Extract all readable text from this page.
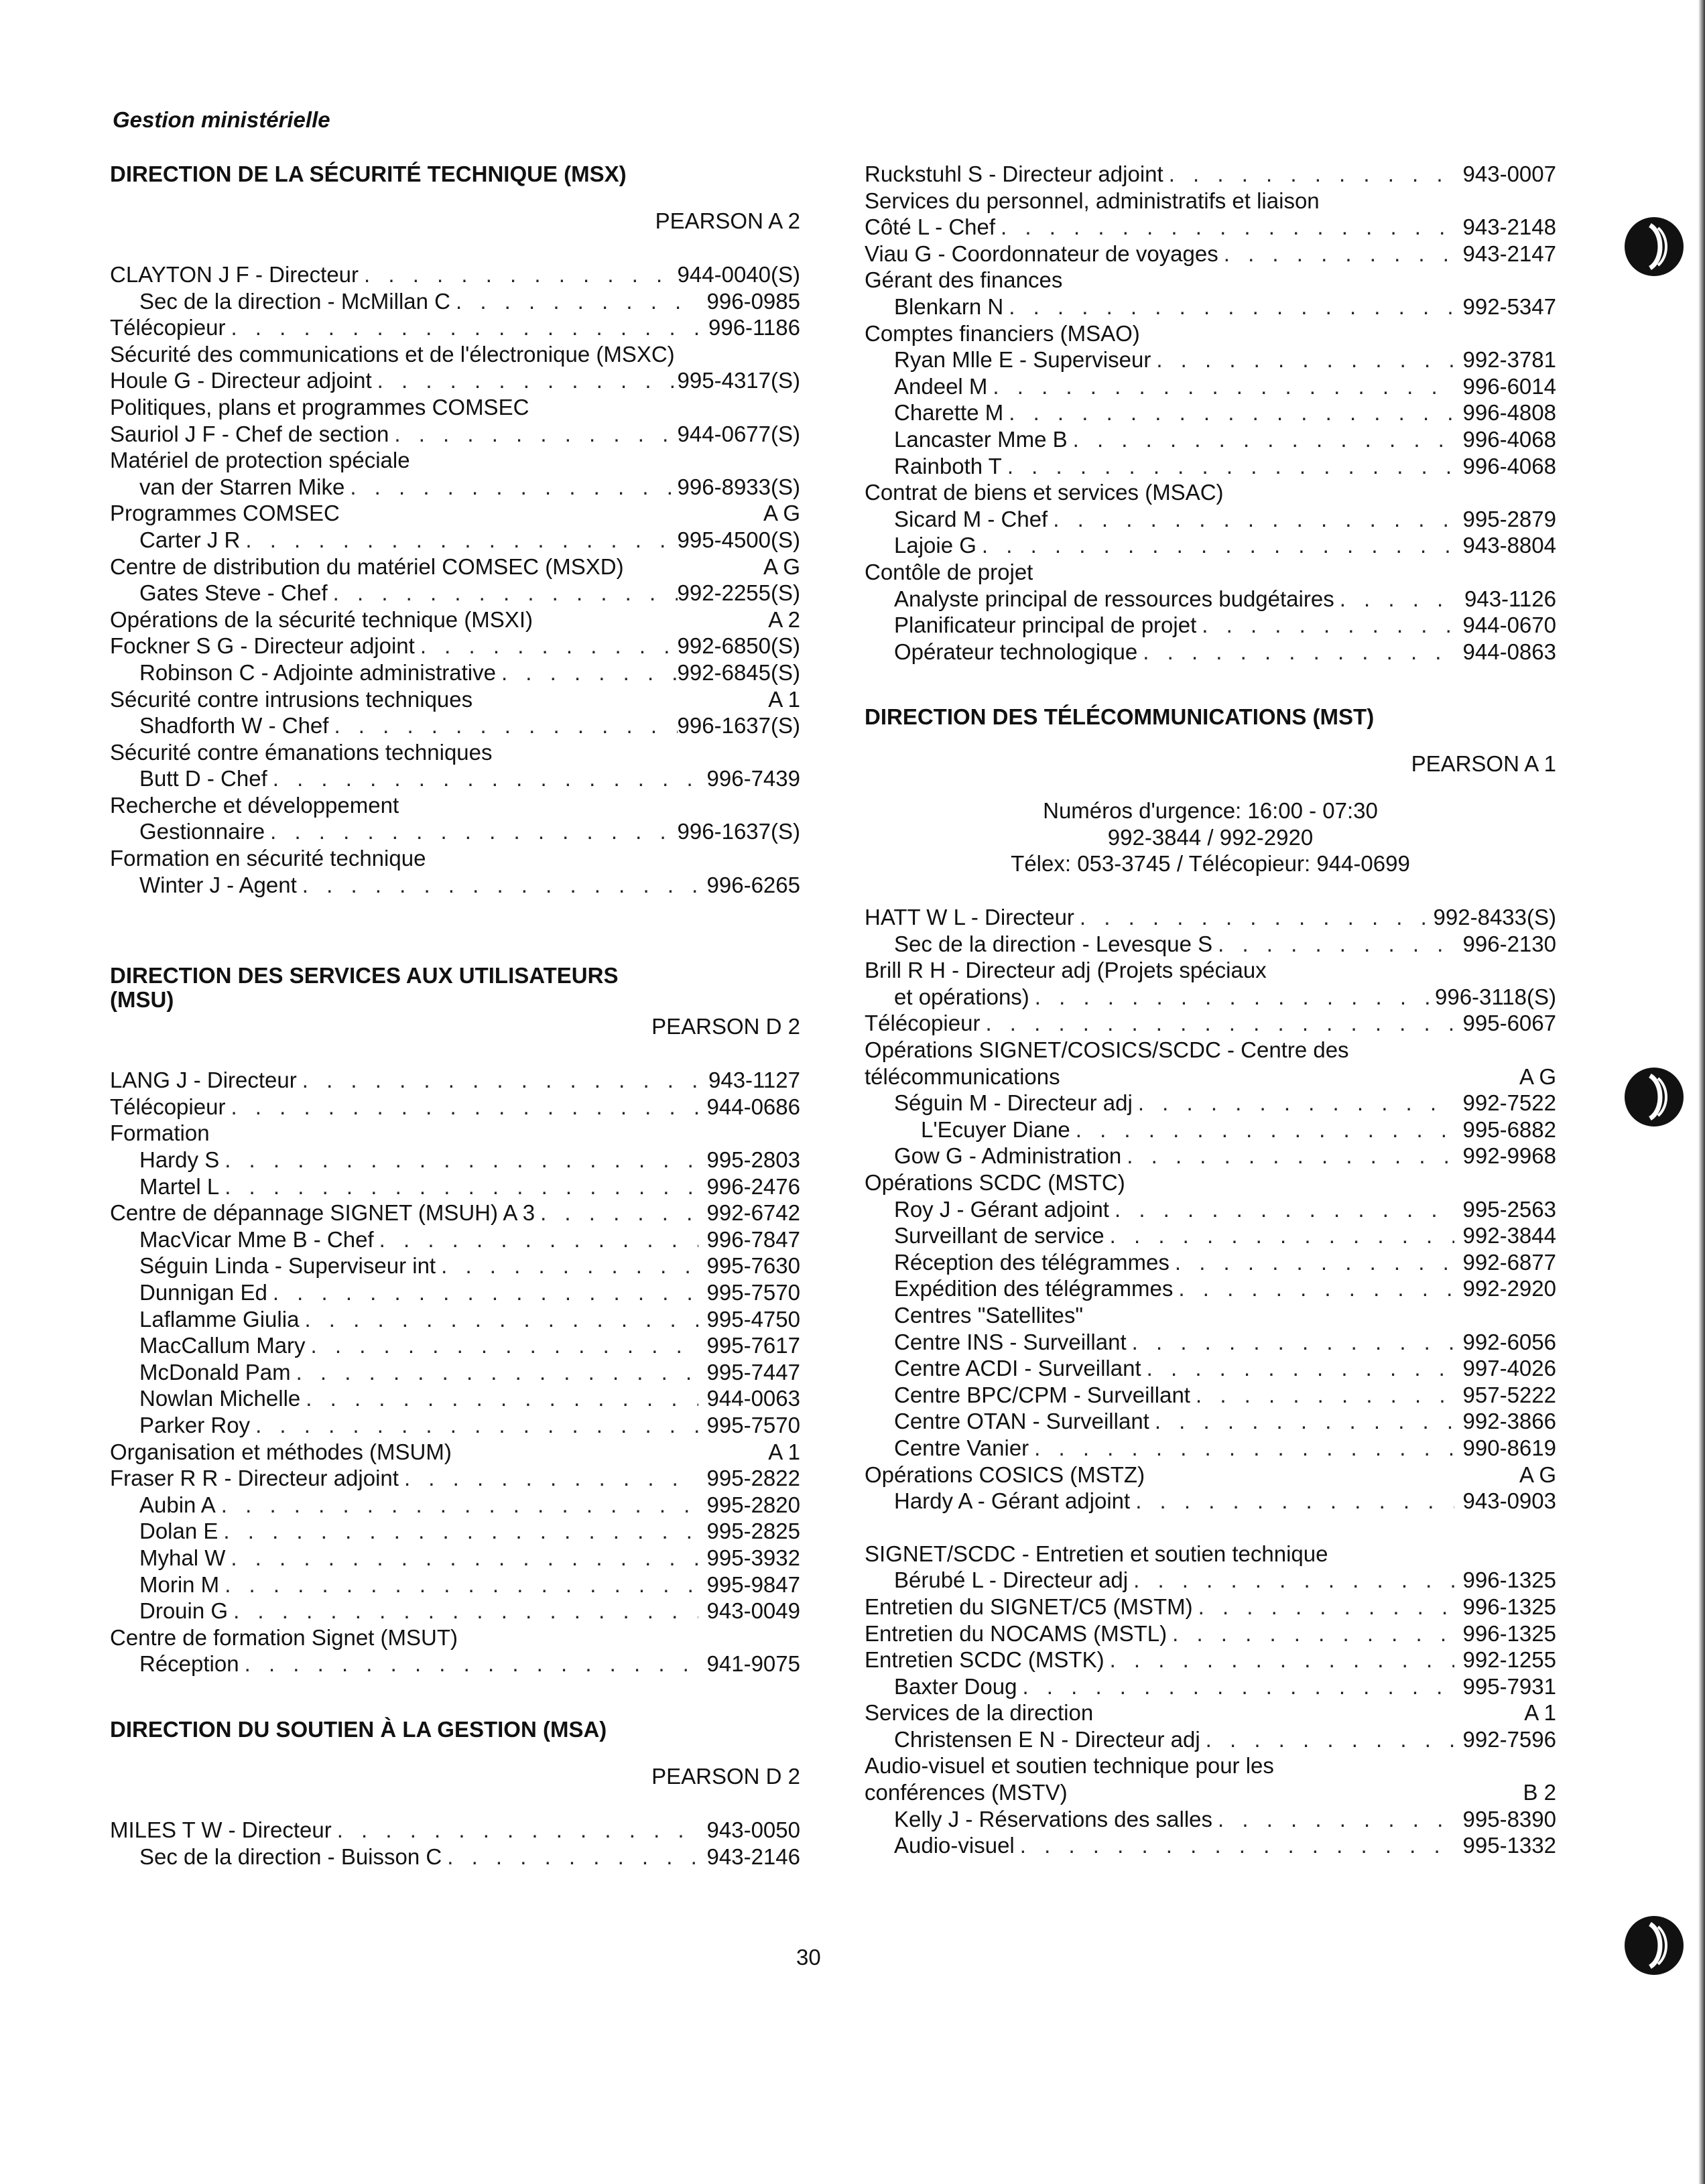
Gestion ministérielle
DIRECTION DE LA SÉCURITÉ TECHNIQUE (MSX)
PEARSON A 2
CLAYTON J F - Directeur . . .	944-0040(S)
Sec de la direction - McMillan C . . .	996-0985
Télécopieur . . .	996-1186
Sécurité des communications et de l'électronique (MSXC)
Houle G - Directeur adjoint . . .	995-4317(S)
Politiques, plans et programmes COMSEC
Sauriol J F - Chef de section . . .	944-0677(S)
Matériel de protection spéciale
van der Starren Mike . . .	996-8933(S)
Programmes COMSEC	A G
Carter J R . . .	995-4500(S)
Centre de distribution du matériel COMSEC (MSXD)	A G
Gates Steve - Chef . . .	992-2255(S)
Opérations de la sécurité technique (MSXI)	A 2
Fockner S G - Directeur adjoint . . .	992-6850(S)
Robinson C - Adjointe administrative . . .	992-6845(S)
Sécurité contre intrusions techniques	A 1
Shadforth W - Chef . . .	996-1637(S)
Sécurité contre émanations techniques
Butt D - Chef . . .	996-7439
Recherche et développement
Gestionnaire . . .	996-1637(S)
Formation en sécurité technique
Winter J - Agent . . .	996-6265
DIRECTION DES SERVICES AUX UTILISATEURS
(MSU)
PEARSON D 2
LANG J - Directeur . . .	943-1127
Télécopieur . . .	944-0686
Formation
Hardy S . . .	995-2803
Martel L . . .	996-2476
Centre de dépannage SIGNET (MSUH) A 3 . . .	992-6742
MacVicar Mme B - Chef . . .	996-7847
Séguin Linda - Superviseur int . . .	995-7630
Dunnigan Ed . . .	995-7570
Laflamme Giulia . . .	995-4750
MacCallum Mary . . .	995-7617
McDonald Pam . . .	995-7447
Nowlan Michelle . . .	944-0063
Parker Roy . . .	995-7570
Organisation et méthodes (MSUM)	A 1
Fraser R R - Directeur adjoint . . .	995-2822
Aubin A . . .	995-2820
Dolan E . . .	995-2825
Myhal W . . .	995-3932
Morin M . . .	995-9847
Drouin G . . .	943-0049
Centre de formation Signet (MSUT)
Réception . . .	941-9075
DIRECTION DU SOUTIEN À LA GESTION (MSA)
PEARSON D 2
MILES T W - Directeur . . .	943-0050
Sec de la direction - Buisson C . . .	943-2146
Ruckstuhl S - Directeur adjoint . . .	943-0007
Services du personnel, administratifs et liaison
Côté L - Chef . . .	943-2148
Viau G - Coordonnateur de voyages . . .	943-2147
Gérant des finances
Blenkarn N . . .	992-5347
Comptes financiers (MSAO)
Ryan Mlle E - Superviseur . . .	992-3781
Andeel M . . .	996-6014
Charette M . . .	996-4808
Lancaster Mme B . . .	996-4068
Rainboth T . . .	996-4068
Contrat de biens et services (MSAC)
Sicard M - Chef . . .	995-2879
Lajoie G . . .	943-8804
Contôle de projet
Analyste principal de ressources budgétaires . . .	943-1126
Planificateur principal de projet . . .	944-0670
Opérateur technologique . . .	944-0863
DIRECTION DES TÉLÉCOMMUNICATIONS (MST)
PEARSON A 1
Numéros d'urgence: 16:00 - 07:30
992-3844 / 992-2920
Télex: 053-3745 / Télécopieur: 944-0699
HATT W L - Directeur . . .	992-8433(S)
Sec de la direction - Levesque S . . .	996-2130
Brill R H - Directeur adj (Projets spéciaux
et opérations) . . .	996-3118(S)
Télécopieur . . .	995-6067
Opérations SIGNET/COSICS/SCDC - Centre des
télécommunications	A G
Séguin M - Directeur adj . . .	992-7522
L'Ecuyer Diane . . .	995-6882
Gow G - Administration . . .	992-9968
Opérations SCDC (MSTC)
Roy J - Gérant adjoint . . .	995-2563
Surveillant de service . . .	992-3844
Réception des télégrammes . . .	992-6877
Expédition des télégrammes . . .	992-2920
Centres "Satellites"
Centre INS - Surveillant . . .	992-6056
Centre ACDI - Surveillant . . .	997-4026
Centre BPC/CPM - Surveillant . . .	957-5222
Centre OTAN - Surveillant . . .	992-3866
Centre Vanier . . .	990-8619
Opérations COSICS (MSTZ)	A G
Hardy A - Gérant adjoint . . .	943-0903
SIGNET/SCDC - Entretien et soutien technique
Bérubé L - Directeur adj . . .	996-1325
Entretien du SIGNET/C5 (MSTM) . . .	996-1325
Entretien du NOCAMS (MSTL) . . .	996-1325
Entretien SCDC (MSTK) . . .	992-1255
Baxter Doug . . .	995-7931
Services de la direction	A 1
Christensen E N - Directeur adj . . .	992-7596
Audio-visuel et soutien technique pour les
conférences (MSTV)	B 2
Kelly J - Réservations des salles . . .	995-8390
Audio-visuel . . .	995-1332
30
